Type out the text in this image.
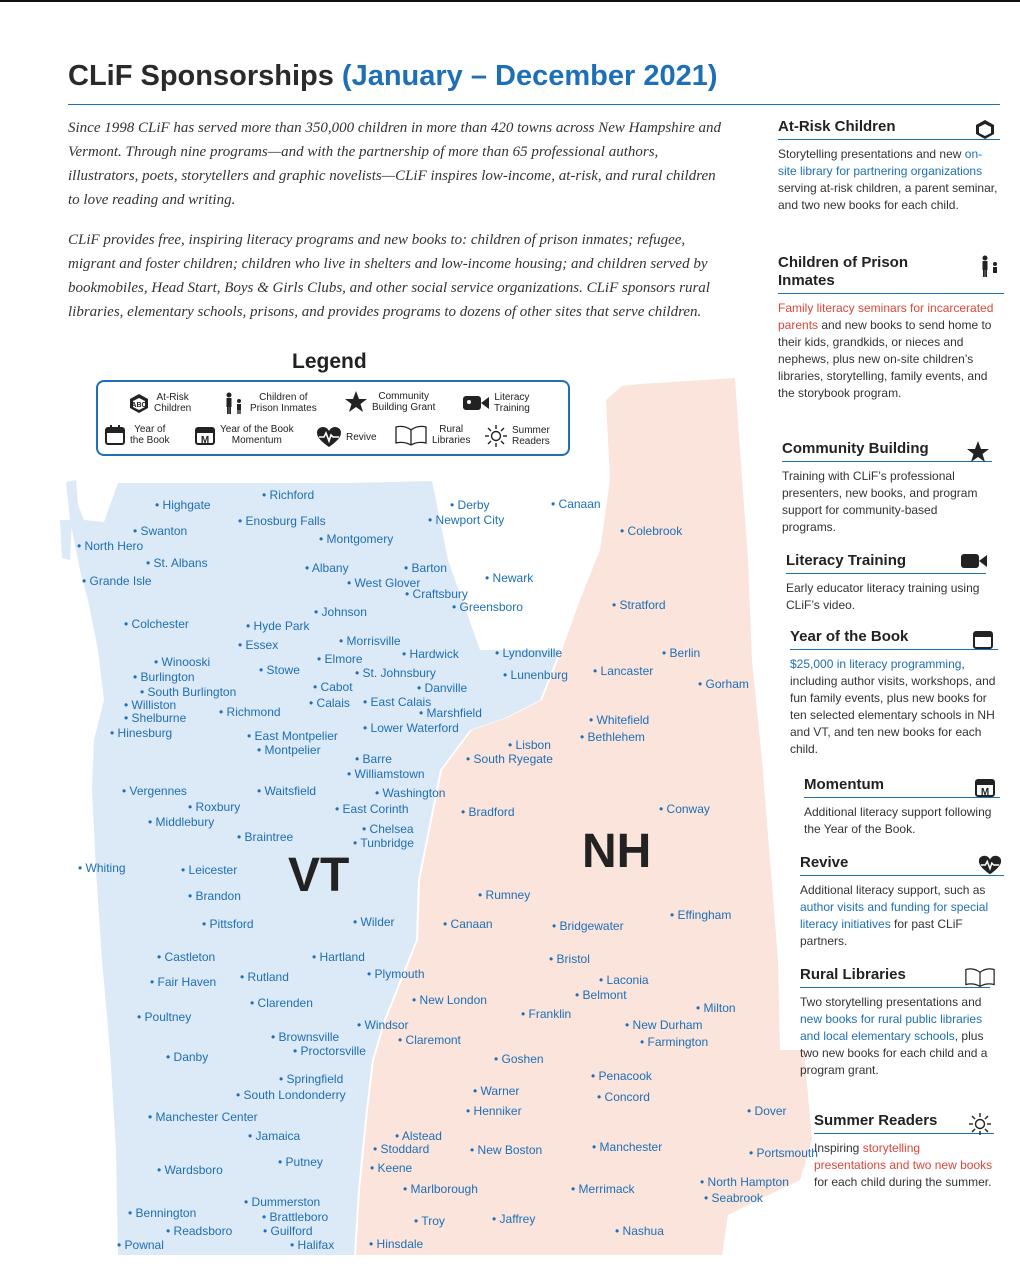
CLiF Sponsorships (January – December 2021)

Since 1998 CLiF has served more than 350,000 children in more than 420 towns across New Hampshire and Vermont. Through nine programs—and with the partnership of more than 65 professional authors, illustrators, poets, storytellers and graphic novelists—CLiF inspires low-income, at-risk, and rural children to love reading and writing.

CLiF provides free, inspiring literacy programs and new books to: children of prison inmates; refugee, migrant and foster children; children who live in shelters and low-income housing; and children served by bookmobiles, Head Start, Boys & Girls Clubs, and other social service organizations. CLiF sponsors rural libraries, elementary schools, prisons, and provides programs to dozens of other sites that serve children.

VT	NH
• Highgate
• Richford
• Enosburg Falls
• Swanton
• North Hero
• St. Albans
• Grande Isle
• Montgomery
• Derby	• Canaan
• Newport City
• Colebrook
• Albany	• Barton
• West Glover	• Newark
• Craftsbury
• Greensboro	• Stratford
• Johnson
• Colchester	• Hyde Park
• Essex	• Morrisville
• Winooski	• Elmore	• Hardwick	• Lyndonville	• Berlin
• Burlington	• Stowe	• St. Johnsbury	• Lunenburg • Lancaster
• Gorham
• South Burlington	• Cabot	• Danville
• Williston	• Calais • East Calais
• Shelburne	• Richmond	• Marshfield	• Whitefield
• Hinesburg	• Lower Waterford
• Bethlehem
• East Montpelier
• Montpelier	• Lisbon
• Barre	• South Ryegate
• Williamstown
• Vergennes	• Waitsfield	• Washington
• Roxbury	• East Corinth	• Bradford	• Conway
• Middlebury	• Chelsea
• Braintree	• Tunbridge
• Whiting	• Leicester
• Rumney
• Brandon
• Effingham
• Pittsford	• Wilder	• Canaan	• Bridgewater
• Castleton	• Hartland	• Bristol
• Rutland	• Plymouth
• Fair Haven	• Laconia
• Belmont
• Clarenden	• New London
• Milton
• Franklin
• Poultney
• Windsor	• New Durham
• Brownsville	• Claremont	• Farmington
• Proctorsville
• Danby	• Goshen
• Penacook
• Springfield
• Warner
• South Londonderry	• Concord
• Dover
• Henniker
• Manchester Center
• Jamaica	• Alstead
• Stoddard	• Manchester
• New Boston	• Portsmouth
• Putney	• Keene
• Wardsboro
• North Hampton
• Marlborough	• Merrimack
• Seabrook
• Dummerston
• Bennington	• Brattleboro	• Troy	• Jaffrey
• Readsboro	• Guilford	• Nashua
• Pownal	• Halifax	• Hinsdale
Legend
ABC
At-Risk
Children
Children of
Prison Inmates
Community
Building Grant
Literacy
Training
Year of
the Book	M
Year of the Book
Momentum	Revive
Rural
Libraries
Summer
Readers
At-Risk Children
Storytelling presentations and new on-site library for partnering organizations serving at-risk children, a parent seminar, and two new books for each child.
Children of Prison Inmates
Family literacy seminars for incarcerated parents and new books to send home to their kids, grandkids, or nieces and nephews, plus new on-site children’s libraries, storytelling, family events, and the storybook program.
Community Building
Training with CLiF’s professional presenters, new books, and program support for community-based programs.
Literacy Training
Early educator literacy training using CLiF’s video.
Year of the Book
$25,000 in literacy programming, including author visits, workshops, and fun family events, plus new books for ten selected elementary schools in NH and VT, and ten new books for each child.
Momentum	M
Additional literacy support following the Year of the Book.
Revive
Additional literacy support, such as author visits and funding for special literacy initiatives for past CLiF partners.
Rural Libraries
Two storytelling presentations and new books for rural public libraries and local elementary schools, plus two new books for each child and a program grant.
Summer Readers
Inspiring storytelling presentations and two new books for each child during the summer.
